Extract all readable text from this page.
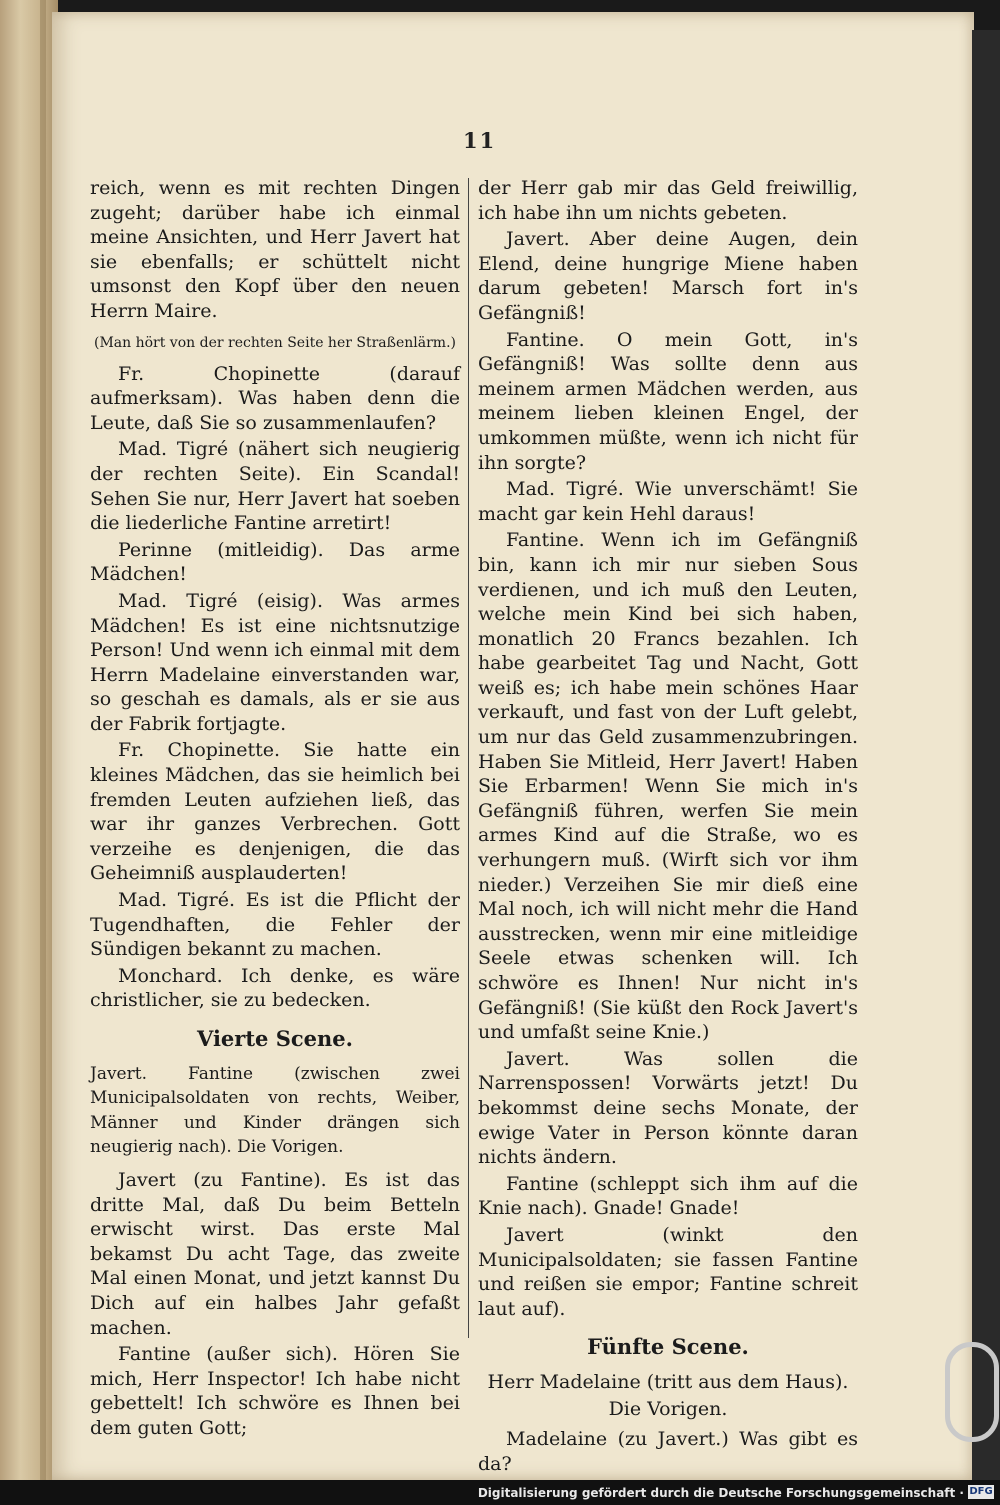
11

reich, wenn es mit rechten Dingen zugeht; darüber habe ich einmal meine Ansichten, und Herr Javert hat sie ebenfalls; er schüttelt nicht umsonst den Kopf über den neuen Herrn Maire.

(Man hört von der rechten Seite her Straßenlärm.)

Fr. Chopinette (darauf aufmerksam). Was haben denn die Leute, daß Sie so zusammenlaufen?

Mad. Tigré (nähert sich neugierig der rechten Seite). Ein Scandal! Sehen Sie nur, Herr Javert hat soeben die liederliche Fantine arretirt!

Perinne (mitleidig). Das arme Mädchen!

Mad. Tigré (eisig). Was armes Mädchen! Es ist eine nichtsnutzige Person! Und wenn ich einmal mit dem Herrn Madelaine einverstanden war, so geschah es damals, als er sie aus der Fabrik fortjagte.

Fr. Chopinette. Sie hatte ein kleines Mädchen, das sie heimlich bei fremden Leuten aufziehen ließ, das war ihr ganzes Verbrechen. Gott verzeihe es denjenigen, die das Geheimniß ausplauderten!

Mad. Tigré. Es ist die Pflicht der Tugendhaften, die Fehler der Sündigen bekannt zu machen.

Monchard. Ich denke, es wäre christlicher, sie zu bedecken.

Vierte Scene.

Javert. Fantine (zwischen zwei Municipalsoldaten von rechts, Weiber, Männer und Kinder drängen sich neugierig nach). Die Vorigen.

Javert (zu Fantine). Es ist das dritte Mal, daß Du beim Betteln erwischt wirst. Das erste Mal bekamst Du acht Tage, das zweite Mal einen Monat, und jetzt kannst Du Dich auf ein halbes Jahr gefaßt machen.

Fantine (außer sich). Hören Sie mich, Herr Inspector! Ich habe nicht gebettelt! Ich schwöre es Ihnen bei dem guten Gott;

der Herr gab mir das Geld freiwillig, ich habe ihn um nichts gebeten.

Javert. Aber deine Augen, dein Elend, deine hungrige Miene haben darum gebeten! Marsch fort in's Gefängniß!

Fantine. O mein Gott, in's Gefängniß! Was sollte denn aus meinem armen Mädchen werden, aus meinem lieben kleinen Engel, der umkommen müßte, wenn ich nicht für ihn sorgte?

Mad. Tigré. Wie unverschämt! Sie macht gar kein Hehl daraus!

Fantine. Wenn ich im Gefängniß bin, kann ich mir nur sieben Sous verdienen, und ich muß den Leuten, welche mein Kind bei sich haben, monatlich 20 Francs bezahlen. Ich habe gearbeitet Tag und Nacht, Gott weiß es; ich habe mein schönes Haar verkauft, und fast von der Luft gelebt, um nur das Geld zusammenzubringen. Haben Sie Mitleid, Herr Javert! Haben Sie Erbarmen! Wenn Sie mich in's Gefängniß führen, werfen Sie mein armes Kind auf die Straße, wo es verhungern muß. (Wirft sich vor ihm nieder.) Verzeihen Sie mir dieß eine Mal noch, ich will nicht mehr die Hand ausstrecken, wenn mir eine mitleidige Seele etwas schenken will. Ich schwöre es Ihnen! Nur nicht in's Gefängniß! (Sie küßt den Rock Javert's und umfaßt seine Knie.)

Javert. Was sollen die Narrenspossen! Vorwärts jetzt! Du bekommst deine sechs Monate, der ewige Vater in Person könnte daran nichts ändern.

Fantine (schleppt sich ihm auf die Knie nach). Gnade! Gnade!

Javert (winkt den Municipalsoldaten; sie fassen Fantine und reißen sie empor; Fantine schreit laut auf).

Fünfte Scene.

Herr Madelaine (tritt aus dem Haus).

Die Vorigen.

Madelaine (zu Javert.) Was gibt es da?

Digitalisierung gefördert durch die Deutsche Forschungsgemeinschaft · DFG
